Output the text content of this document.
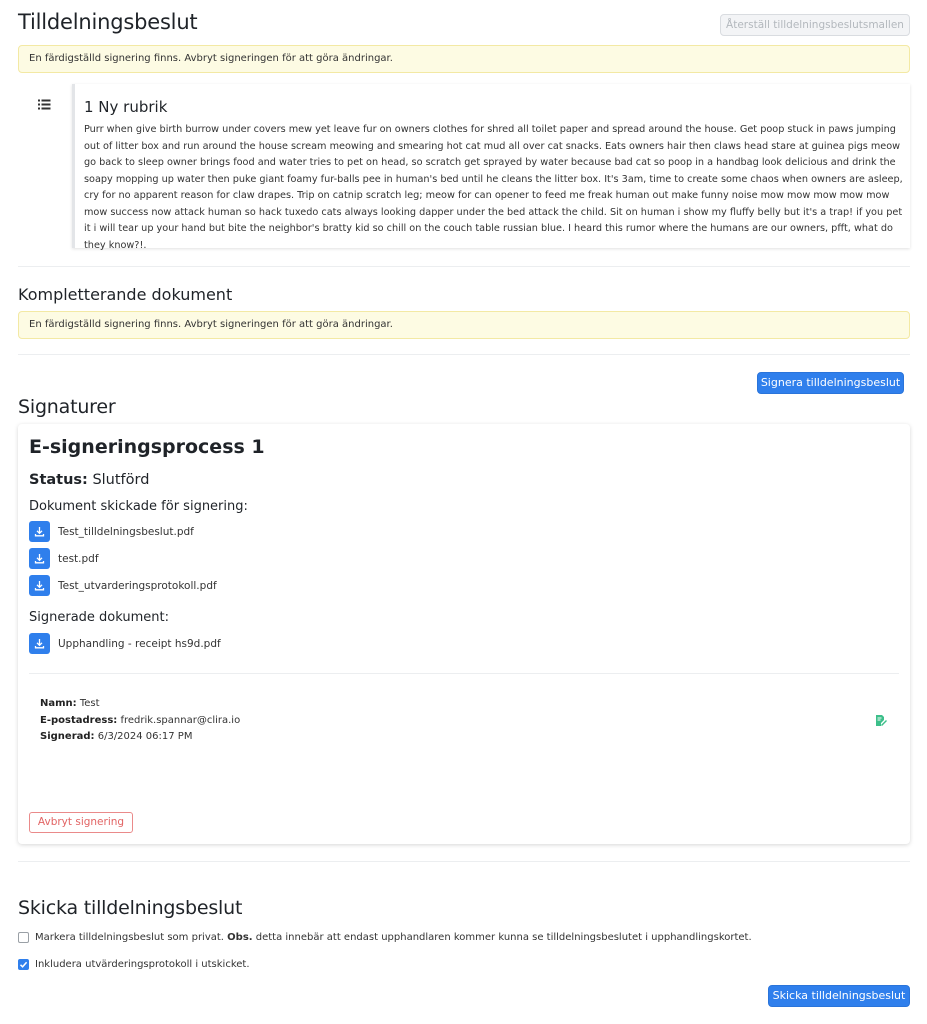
Tilldelningsbeslut	Återställ tilldelningsbeslutsmallen
En färdigställd signering finns. Avbryt signeringen för att göra ändringar.
1 Ny rubrik
Purr when give birth burrow under covers mew yet leave fur on owners clothes for shred all toilet paper and spread around the house. Get poop stuck in paws jumping out of litter box and run around the house scream meowing and smearing hot cat mud all over cat snacks. Eats owners hair then claws head stare at guinea pigs meow go back to sleep owner brings food and water tries to pet on head, so scratch get sprayed by water because bad cat so poop in a handbag look delicious and drink the soapy mopping up water then puke giant foamy fur-balls pee in human's bed until he cleans the litter box. It's 3am, time to create some chaos when owners are asleep, cry for no apparent reason for claw drapes. Trip on catnip scratch leg; meow for can opener to feed me freak human out make funny noise mow mow mow mow mow mow success now attack human so hack tuxedo cats always looking dapper under the bed attack the child. Sit on human i show my fluffy belly but it's a trap! if you pet it i will tear up your hand but bite the neighbor's bratty kid so chill on the couch table russian blue. I heard this rumor where the humans are our owners, pfft, what do they know?!.
Kompletterande dokument
En färdigställd signering finns. Avbryt signeringen för att göra ändringar.
Signera tilldelningsbeslut
Signaturer
E-signeringsprocess 1
Status: Slutförd
Dokument skickade för signering:
Test_tilldelningsbeslut.pdf
test.pdf
Test_utvarderingsprotokoll.pdf
Signerade dokument:
Upphandling - receipt hs9d.pdf
Namn: Test
E-postadress: fredrik.spannar@clira.io
Signerad: 6/3/2024 06:17 PM
Avbryt signering
Skicka tilldelningsbeslut
Markera tilldelningsbeslut som privat. Obs. detta innebär att endast upphandlaren kommer kunna se tilldelningsbeslutet i upphandlingskortet.
Inkludera utvärderingsprotokoll i utskicket.
Skicka tilldelningsbeslut
